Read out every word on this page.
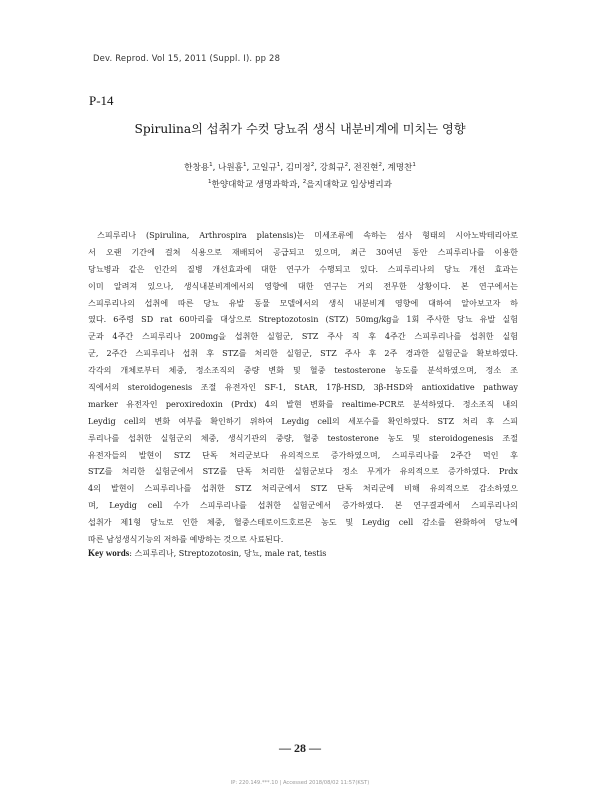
Dev. Reprod. Vol 15, 2011 (Suppl. I). pp 28
P-14
Spirulina의 섭취가 수컷 당뇨쥐 생식 내분비계에 미치는 영향
한창용$^1$, 나원흠$^1$, 고일규$^1$, 김미정$^2$, 강희규$^2$, 전진현$^2$, 계명찬$^1$
$^1$한양대학교 생명과학과, $^2$을지대학교 임상병리과
스피루리나 (Spirulina, Arthrospira platensis)는 미세조류에 속하는 섬사 형태의 시아노박테리아로
서 오랜 기간에 걸쳐 식용으로 재배되어 공급되고 있으며, 최근 30여년 동안 스피루리나를 이용한
당뇨병과 같은 인간의 질병 개선효과에 대한 연구가 수행되고 있다. 스피루리나의 당뇨 개선 효과는
이미 알려져 있으나, 생식내분비계에서의 영향에 대한 연구는 거의 전무한 상황이다. 본 연구에서는
스피루리나의 섭취에 따른 당뇨 유발 동물 모델에서의 생식 내분비계 영향에 대하여 알아보고자 하
였다. 6주령 SD rat 60마리를 대상으로 Streptozotosin (STZ) 50mg/kg을 1회 주사한 당뇨 유발 실험
군과 4주간 스피루리나 200mg을 섭취한 실험군, STZ 주사 직 후 4주간 스피루리나를 섭취한 실험
군, 2주간 스피루리나 섭취 후 STZ를 처리한 실험군, STZ 주사 후 2주 경과한 실험군을 확보하였다.
각각의 개체로부터 체중, 정소조직의 중량 변화 및 혈중 testosterone 농도를 분석하였으며, 정소 조
직에서의 steroidogenesis 조절 유전자인 SF-1, StAR, 17β-HSD, 3β-HSD와 antioxidative pathway
marker 유전자인 peroxiredoxin (Prdx) 4의 발현 변화를 realtime-PCR로 분석하였다. 정소조직 내의
Leydig cell의 변화 여부를 확인하기 위하여 Leydig cell의 세포수를 확인하였다. STZ 처리 후 스피
루리나를 섭취한 실험군의 체중, 생식기관의 중량, 혈중 testosterone 농도 및 steroidogenesis 조절
유전자들의 발현이 STZ 단독 처리군보다 유의적으로 증가하였으며, 스피루리나를 2주간 먹인 후
STZ를 처리한 실험군에서 STZ를 단독 처리한 실험군보다 정소 무게가 유의적으로 증가하였다. Prdx
4의 발현이 스피루리나를 섭취한 STZ 처리군에서 STZ 단독 처리군에 비해 유의적으로 감소하였으
며, Leydig cell 수가 스피루리나를 섭취한 실험군에서 증가하였다. 본 연구결과에서 스피루리나의
섭취가 제1형 당뇨로 인한 체중, 혈중스테로이드호르몬 농도 및 Leydig cell 감소를 완화하여 당뇨에
따른 남성생식기능의 저하를 예방하는 것으로 사료된다.
Key words: 스피루리나, Streptozotosin, 당뇨, male rat, testis
— 28 —
IP: 220.149.***.10 | Accessed 2018/08/02 11:57(KST)
